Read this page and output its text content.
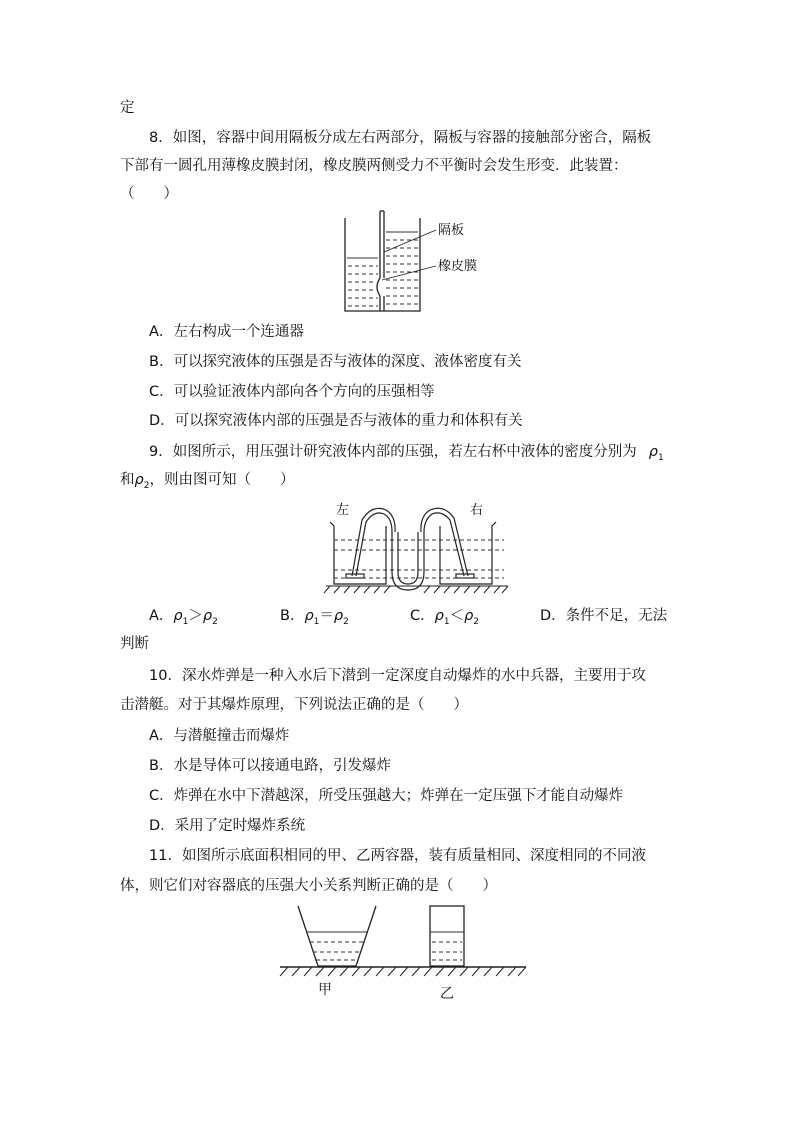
定
8．如图，容器中间用隔板分成左右两部分，隔板与容器的接触部分密合，隔板
下部有一圆孔用薄橡皮膜封闭，橡皮膜两侧受力不平衡时会发生形变．此装置：
（　　）
隔板
橡皮膜
A．左右构成一个连通器
B．可以探究液体的压强是否与液体的深度、液体密度有关
C．可以验证液体内部向各个方向的压强相等
D．可以探究液体内部的压强是否与液体的重力和体积有关
9．如图所示，用压强计研究液体内部的压强，若左右杯中液体的密度分别为 $\rho_1$
和$\rho_2$，则由图可知（　　）
左	右
A．$\rho_1>\rho_2$	B．$\rho_1=\rho_2$	C．$\rho_1<\rho_2$	D．条件不足，无法
判断
10．深水炸弹是一种入水后下潜到一定深度自动爆炸的水中兵器，主要用于攻
击潜艇。对于其爆炸原理，下列说法正确的是（　　）
A．与潜艇撞击而爆炸
B．水是导体可以接通电路，引发爆炸
C．炸弹在水中下潜越深，所受压强越大；炸弹在一定压强下才能自动爆炸
D．采用了定时爆炸系统
11．如图所示底面积相同的甲、乙两容器，装有质量相同、深度相同的不同液
体，则它们对容器底的压强大小关系判断正确的是（　　）
甲	乙
